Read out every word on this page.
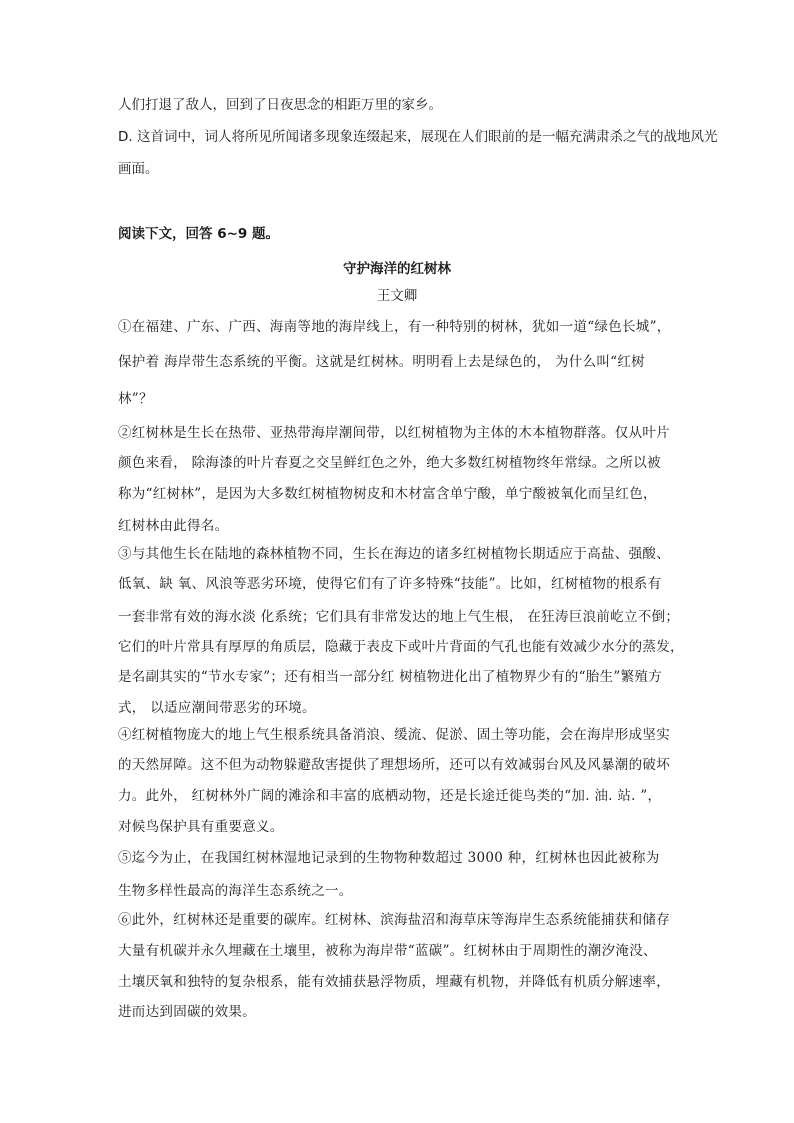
人们打退了敌人，回到了日夜思念的相距万里的家乡。
D. 这首词中，词人将所见所闻诸多现象连缀起来，展现在人们眼前的是一幅充满肃杀之气的战地风光
画面。
阅读下文，回答 6~9 题。
守护海洋的红树林
王文卿
①在福建、广东、广西、海南等地的海岸线上，有一种特别的树林，犹如一道“绿色长城”，
保护着 海岸带生态系统的平衡。这就是红树林。明明看上去是绿色的， 为什么叫“红树
林”？
②红树林是生长在热带、亚热带海岸潮间带，以红树植物为主体的木本植物群落。仅从叶片
颜色来看， 除海漆的叶片春夏之交呈鲜红色之外，绝大多数红树植物终年常绿。之所以被
称为“红树林”，是因为大多数红树植物树皮和木材富含单宁酸，单宁酸被氧化而呈红色，
红树林由此得名。
③与其他生长在陆地的森林植物不同，生长在海边的诸多红树植物长期适应于高盐、强酸、
低氧、缺 氧、风浪等恶劣环境，使得它们有了许多特殊“技能”。比如，红树植物的根系有
一套非常有效的海水淡 化系统；它们具有非常发达的地上气生根， 在狂涛巨浪前屹立不倒；
它们的叶片常具有厚厚的角质层，隐藏于表皮下或叶片背面的气孔也能有效减少水分的蒸发，
是名副其实的“节水专家”；还有相当一部分红 树植物进化出了植物界少有的“胎生”繁殖方
式， 以适应潮间带恶劣的环境。
④红树植物庞大的地上气生根系统具备消浪、缓流、促淤、固土等功能，会在海岸形成坚实
的天然屏障。这不但为动物躲避敌害提供了理想场所，还可以有效减弱台风及风暴潮的破坏
力。此外， 红树林外广阔的滩涂和丰富的底栖动物，还是长途迁徙鸟类的“加. 油. 站. ”，
对候鸟保护具有重要意义。
⑤迄今为止，在我国红树林湿地记录到的生物物种数超过 3000 种，红树林也因此被称为
生物多样性最高的海洋生态系统之一。
⑥此外，红树林还是重要的碳库。红树林、滨海盐沼和海草床等海岸生态系统能捕获和储存
大量有机碳并永久埋藏在土壤里，被称为海岸带“蓝碳”。红树林由于周期性的潮汐淹没、
土壤厌氧和独特的复杂根系，能有效捕获悬浮物质，埋藏有机物，并降低有机质分解速率，
进而达到固碳的效果。
